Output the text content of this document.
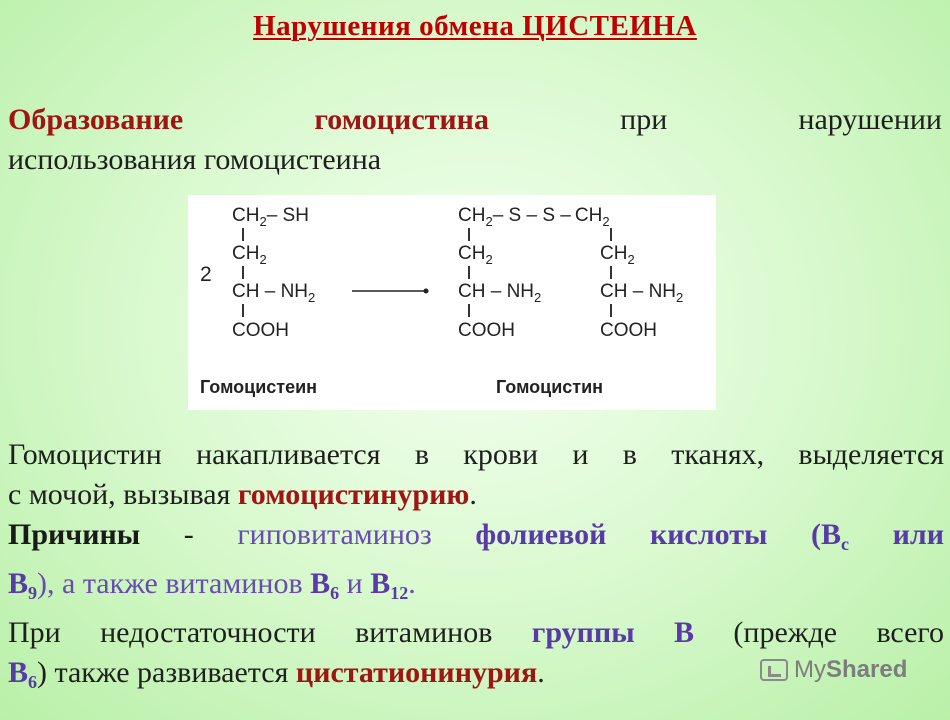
Нарушения обмена ЦИСТЕИНА
Образование	гомоцистина	при	нарушении
использования гомоцистеина
2
$CH_2-$ SH
$CH_2$
CH – $NH_2$
COOH
Гомоцистеин
$CH_2-$ S – S – $CH_2$
$CH_2$	$CH_2$
CH – $NH_2$	CH – $NH_2$
COOH	COOH
Гомоцистин
Гомоцистин накапливается в крови и в тканях, выделяется
с мочой, вызывая гомоцистинурию.
Причины - гиповитаминоз фолиевой кислоты ($B_c$ или
$B_9$), а также витаминов $B_6$ и $B_{12}$.
При недостаточности витаминов группы B (прежде всего
$B_6$) также развивается цистатионинурия.	My Shared
